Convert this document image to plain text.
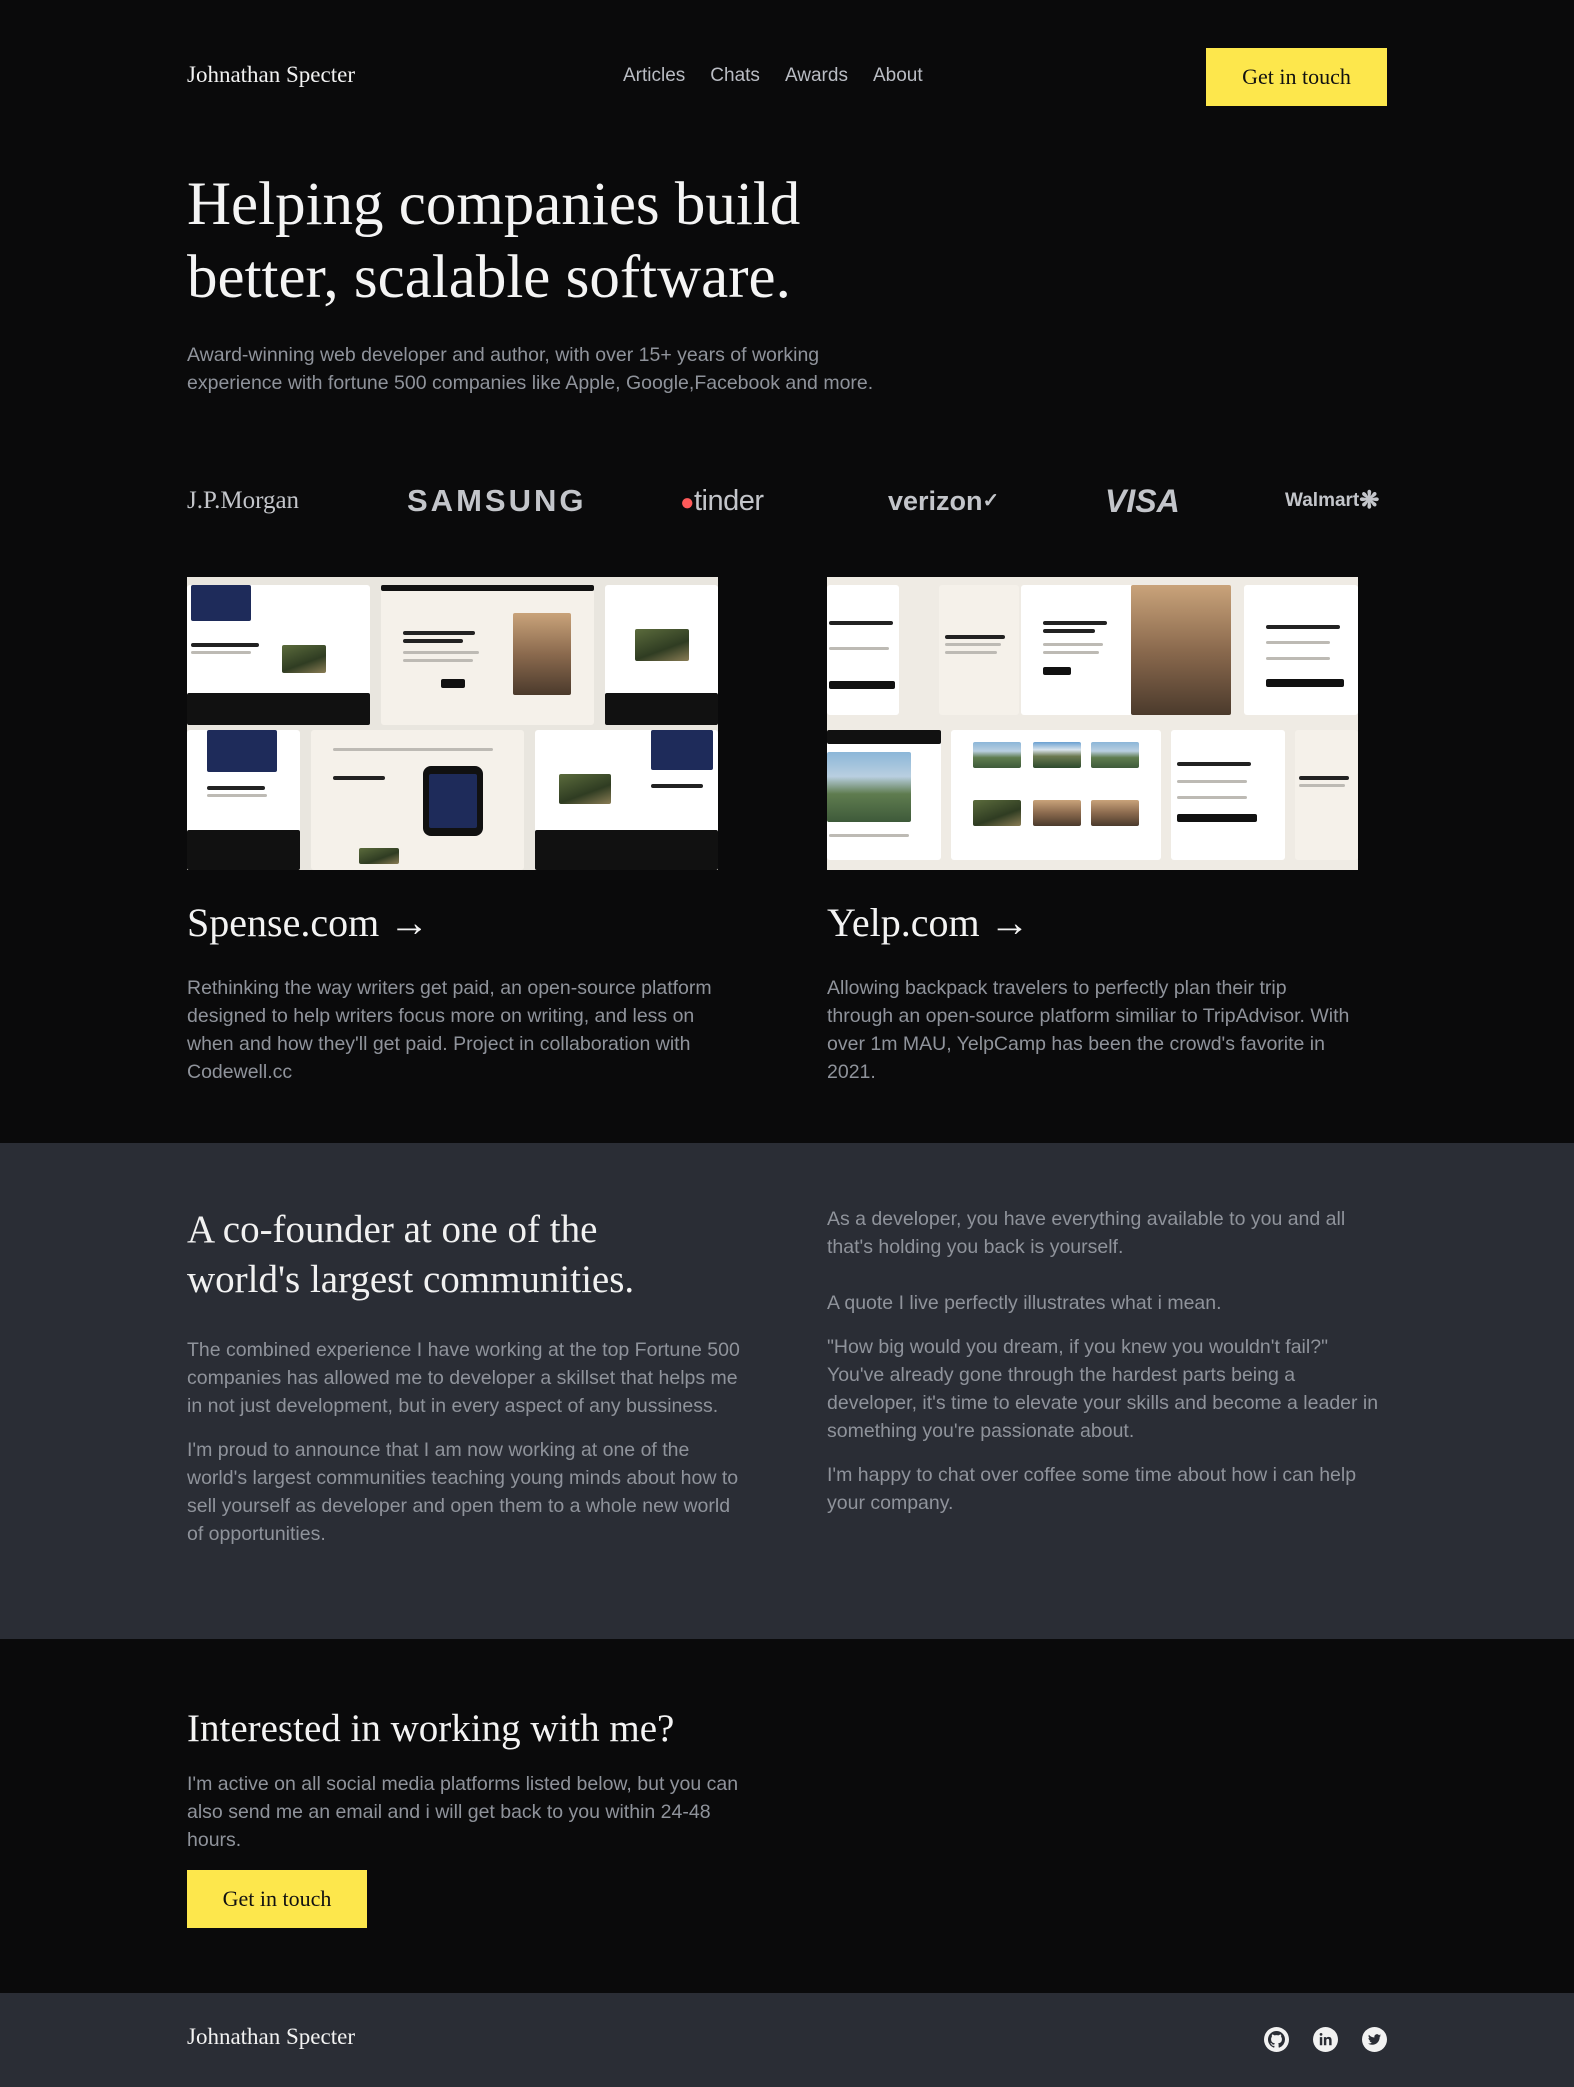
Johnathan Specter	Articles Chats Awards About	Get in touch
Helping companies build
better, scalable software.

Award-winning web developer and author, with over 15+ years of working experience with fortune 500 companies like Apple, Google,Facebook and more.

J.P.Morgan	SAMSUNG	●tinder	verizon✓	VISA	Walmart❋
Spense.com →

Rethinking the way writers get paid, an open-source platform designed to help writers focus more on writing, and less on when and how they'll get paid. Project in collaboration with Codewell.cc

Yelp.com →

Allowing backpack travelers to perfectly plan their trip through an open-source platform similiar to TripAdvisor. With over 1m MAU, YelpCamp has been the crowd's favorite in 2021.

A co-founder at one of the world's largest communities.

The combined experience I have working at the top Fortune 500 companies has allowed me to developer a skillset that helps me in not just development, but in every aspect of any bussiness.

I'm proud to announce that I am now working at one of the world's largest communities teaching young minds about how to sell yourself as developer and open them to a whole new world of opportunities.

As a developer, you have everything available to you and all that's holding you back is yourself.

A quote I live perfectly illustrates what i mean.

"How big would you dream, if you knew you wouldn't fail?" You've already gone through the hardest parts being a developer, it's time to elevate your skills and become a leader in something you're passionate about.

I'm happy to chat over coffee some time about how i can help your company.

Interested in working with me?

I'm active on all social media platforms listed below, but you can also send me an email and i will get back to you within 24-48 hours.

Get in touch
Johnathan Specter
